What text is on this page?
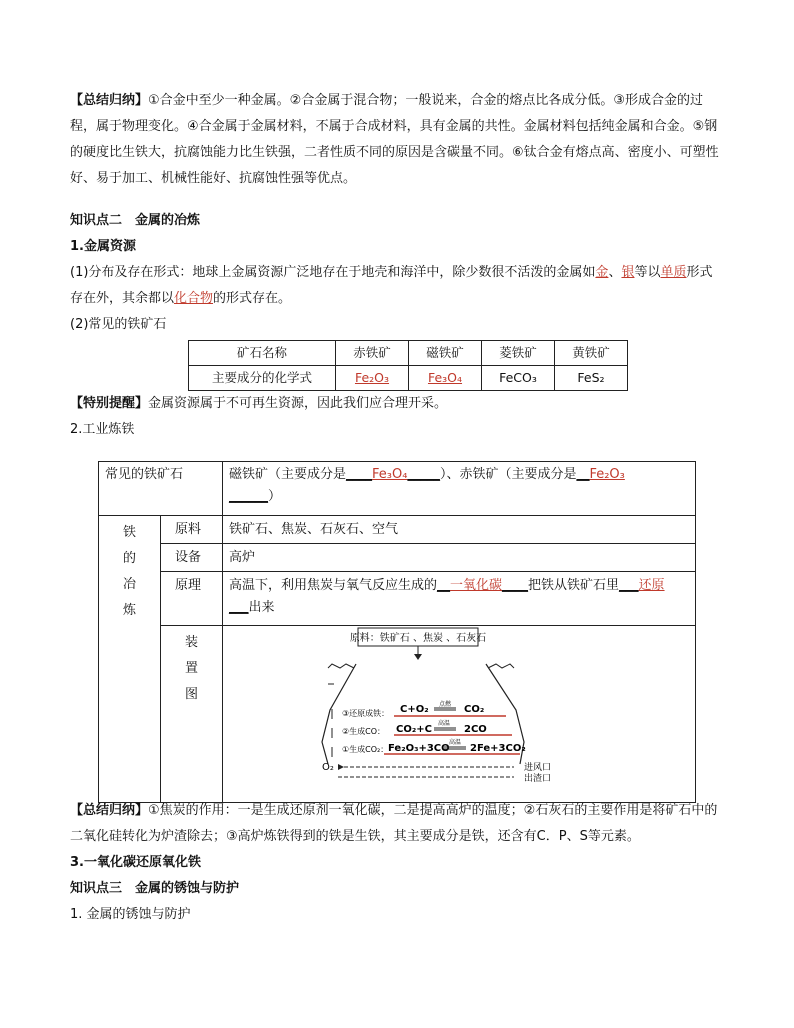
【总结归纳】①合金中至少一种金属。②合金属于混合物；一般说来，合金的熔点比各成分低。③形成合金的过程，属于物理变化。④合金属于金属材料，不属于合成材料，具有金属的共性。金属材料包括纯金属和合金。⑤钢的硬度比生铁大，抗腐蚀能力比生铁强，二者性质不同的原因是含碳量不同。⑥钛合金有熔点高、密度小、可塑性好、易于加工、机械性能好、抗腐蚀性强等优点。

知识点二　金属的冶炼

1.金属资源

(1)分布及存在形式：地球上金属资源广泛地存在于地壳和海洋中，除少数很不活泼的金属如金、银等以单质形式存在外，其余都以化合物的形式存在。

(2)常见的铁矿石

矿石名称	赤铁矿	磁铁矿	菱铁矿	黄铁矿
主要成分的化学式	Fe₂O₃	Fe₃O₄	FeCO₃	FeS₂

【特别提醒】金属资源属于不可再生资源，因此我们应合理开采。

2.工业炼铁

常见的铁矿石	磁铁矿（主要成分是____Fe₃O₄_____）、赤铁矿（主要成分是__Fe₂O₃
______）
铁
的
冶
炼
原料	铁矿石、焦炭、石灰石、空气
设备	高炉
原理	高温下，利用焦炭与氧气反应生成的__一氧化碳____把铁从铁矿石里___还原
___出来
装
置
图
原料：铁矿石 、焦炭 、石灰石
③还原成铁： C+O₂ 点燃 CO₂
②生成CO： CO₂+C
高温
2CO
①生成CO₂： Fe₂O₃+3CO
高温
2Fe+3CO₂
O₂	进风口
出渣口

【总结归纳】①焦炭的作用：一是生成还原剂一氧化碳，二是提高高炉的温度；②石灰石的主要作用是将矿石中的二氧化硅转化为炉渣除去；③高炉炼铁得到的铁是生铁，其主要成分是铁，还含有C．P、S等元素。

3.一氧化碳还原氧化铁

知识点三　金属的锈蚀与防护

1. 金属的锈蚀与防护
